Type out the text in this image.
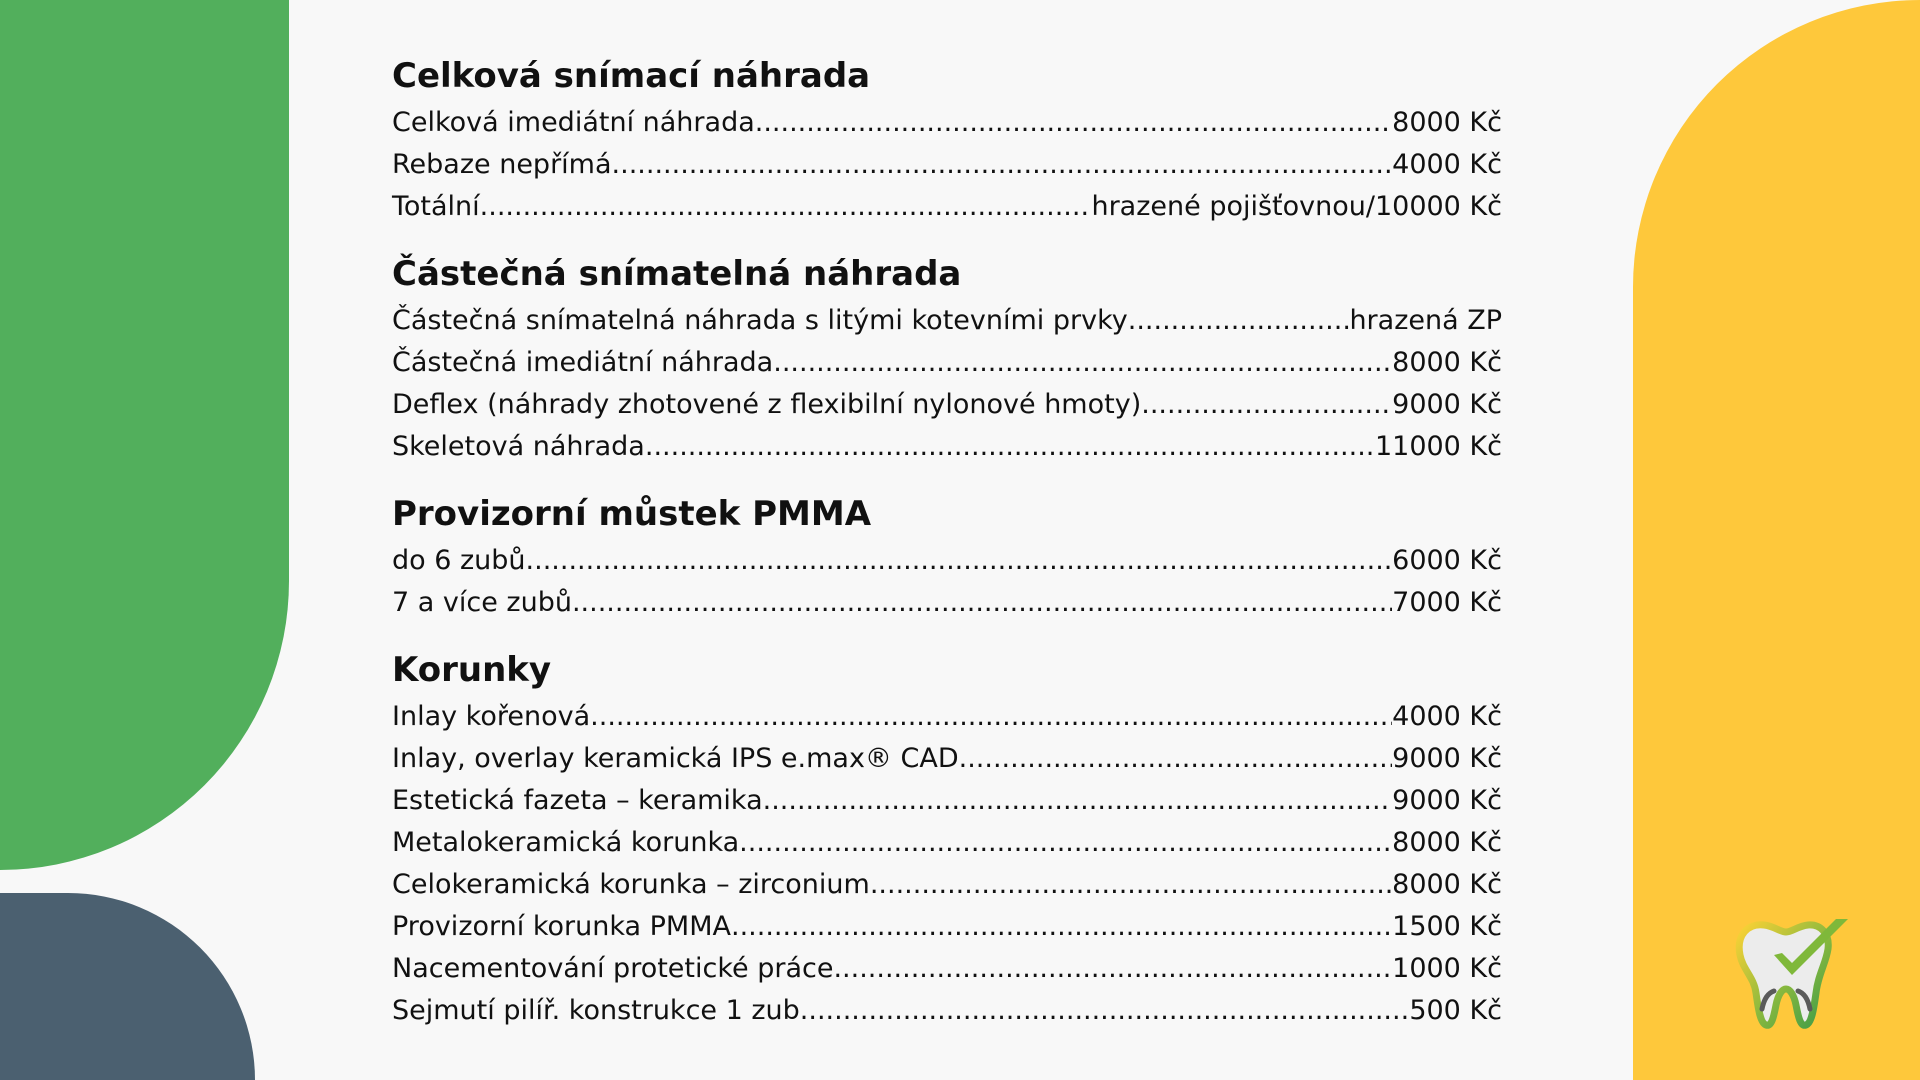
Celková snímací náhrada
Celková imediátní náhrada .....	8000 Kč
Rebaze nepřímá .....	4000 Kč
Totální .....	hrazené pojišťovnou/10000 Kč
Částečná snímatelná náhrada
Částečná snímatelná náhrada s litými kotevními prvky .....	hrazená ZP
Částečná imediátní náhrada .....	8000 Kč
Deflex (náhrady zhotovené z flexibilní nylonové hmoty) .....	9000 Kč
Skeletová náhrada .....	11000 Kč
Provizorní můstek PMMA
do 6 zubů .....	6000 Kč
7 a více zubů .....	7000 Kč
Korunky
Inlay kořenová .....	4000 Kč
Inlay, overlay keramická IPS e.max® CAD .....	9000 Kč
Estetická fazeta – keramika .....	9000 Kč
Metalokeramická korunka .....	8000 Kč
Celokeramická korunka – zirconium .....	8000 Kč
Provizorní korunka PMMA .....	1500 Kč
Nacementování protetické práce .....	1000 Kč
Sejmutí pilíř. konstrukce 1 zub .....	500 Kč
